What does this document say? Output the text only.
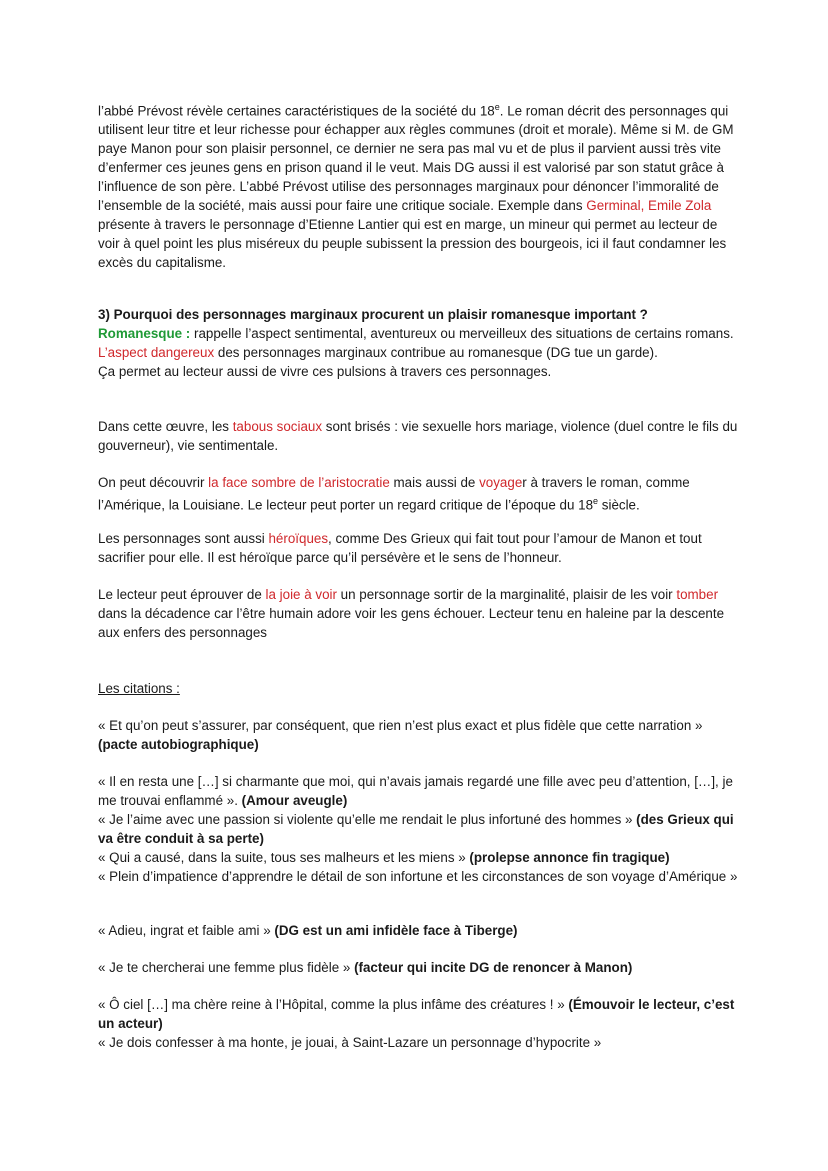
l’abbé Prévost révèle certaines caractéristiques de la société du 18e. Le roman décrit des personnages qui utilisent leur titre et leur richesse pour échapper aux règles communes (droit et morale). Même si M. de GM paye Manon pour son plaisir personnel, ce dernier ne sera pas mal vu et de plus il parvient aussi très vite d’enfermer ces jeunes gens en prison quand il le veut. Mais DG aussi il est valorisé par son statut grâce à l’influence de son père. L’abbé Prévost utilise des personnages marginaux pour dénoncer l’immoralité de l’ensemble de la société, mais aussi pour faire une critique sociale. Exemple dans Germinal, Emile Zola présente à travers le personnage d’Etienne Lantier qui est en marge, un mineur qui permet au lecteur de voir à quel point les plus miséreux du peuple subissent la pression des bourgeois, ici il faut condamner les excès du capitalisme.

3) Pourquoi des personnages marginaux procurent un plaisir romanesque important ?
Romanesque : rappelle l’aspect sentimental, aventureux ou merveilleux des situations de certains romans.
L’aspect dangereux des personnages marginaux contribue au romanesque (DG tue un garde).
Ça permet au lecteur aussi de vivre ces pulsions à travers ces personnages.

Dans cette œuvre, les tabous sociaux sont brisés : vie sexuelle hors mariage, violence (duel contre le fils du gouverneur), vie sentimentale.

On peut découvrir la face sombre de l’aristocratie mais aussi de voyager à travers le roman, comme l’Amérique, la Louisiane. Le lecteur peut porter un regard critique de l’époque du 18e siècle.

Les personnages sont aussi héroïques, comme Des Grieux qui fait tout pour l’amour de Manon et tout sacrifier pour elle. Il est héroïque parce qu’il persévère et le sens de l’honneur.

Le lecteur peut éprouver de la joie à voir un personnage sortir de la marginalité, plaisir de les voir tomber dans la décadence car l’être humain adore voir les gens échouer. Lecteur tenu en haleine par la descente aux enfers des personnages

Les citations :

« Et qu’on peut s’assurer, par conséquent, que rien n’est plus exact et plus fidèle que cette narration »
(pacte autobiographique)

« Il en resta une […] si charmante que moi, qui n’avais jamais regardé une fille avec peu d’attention, […], je me trouvai enflammé ». (Amour aveugle)
« Je l’aime avec une passion si violente qu’elle me rendait le plus infortuné des hommes » (des Grieux qui va être conduit à sa perte)
« Qui a causé, dans la suite, tous ses malheurs et les miens » (prolepse annonce fin tragique)
« Plein d’impatience d’apprendre le détail de son infortune et les circonstances de son voyage d’Amérique »

« Adieu, ingrat et faible ami » (DG est un ami infidèle face à Tiberge)

« Je te chercherai une femme plus fidèle » (facteur qui incite DG de renoncer à Manon)

« Ô ciel […] ma chère reine à l’Hôpital, comme la plus infâme des créatures ! » (Émouvoir le lecteur, c’est un acteur)
« Je dois confesser à ma honte, je jouai, à Saint-Lazare un personnage d’hypocrite »
